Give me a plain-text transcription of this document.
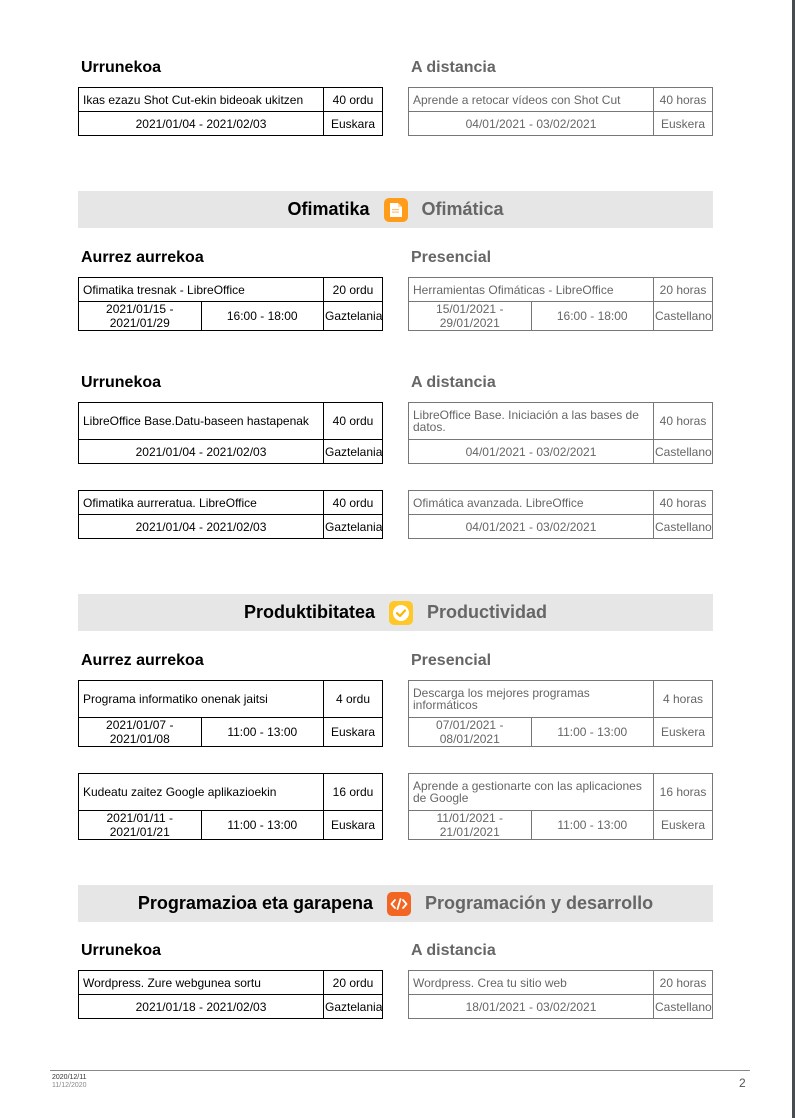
Urrunekoa
Ikas ezazu Shot Cut-ekin bideoak ukitzen	40 ordu
2021/01/04 - 2021/02/03	Euskara
A distancia
Aprende a retocar vídeos con Shot Cut	40 horas
04/01/2021 - 03/02/2021	Euskera
Ofimatika	Ofimática
Aurrez aurrekoa
Ofimatika tresnak - LibreOffice		20 ordu
2021/01/15 - 2021/01/29	16:00 - 18:00	Gaztelania
Presencial
Herramientas Ofimáticas - LibreOffice		20 horas
15/01/2021 - 29/01/2021	16:00 - 18:00	Castellano
Urrunekoa
LibreOffice Base.Datu-baseen hastapenak	40 ordu
2021/01/04 - 2021/02/03	Gaztelania
Ofimatika aurreratua. LibreOffice	40 ordu
2021/01/04 - 2021/02/03	Gaztelania
A distancia
LibreOffice Base. Iniciación a las bases de datos.	40 horas
04/01/2021 - 03/02/2021	Castellano
Ofimática avanzada. LibreOffice	40 horas
04/01/2021 - 03/02/2021	Castellano
Produktibitatea	Productividad
Aurrez aurrekoa
Programa informatiko onenak jaitsi		4 ordu
2021/01/07 - 2021/01/08	11:00 - 13:00	Euskara
Kudeatu zaitez Google aplikazioekin		16 ordu
2021/01/11 - 2021/01/21	11:00 - 13:00	Euskara
Presencial
Descarga los mejores programas informáticos		4 horas
07/01/2021 - 08/01/2021	11:00 - 13:00	Euskera
Aprende a gestionarte con las aplicaciones de Google		16 horas
11/01/2021 - 21/01/2021	11:00 - 13:00	Euskera
Programazioa eta garapena	Programación y desarrollo
Urrunekoa
Wordpress. Zure webgunea sortu	20 ordu
2021/01/18 - 2021/02/03	Gaztelania
A distancia
Wordpress. Crea tu sitio web	20 horas
18/01/2021 - 03/02/2021	Castellano
2020/12/11
11/12/2020	2
